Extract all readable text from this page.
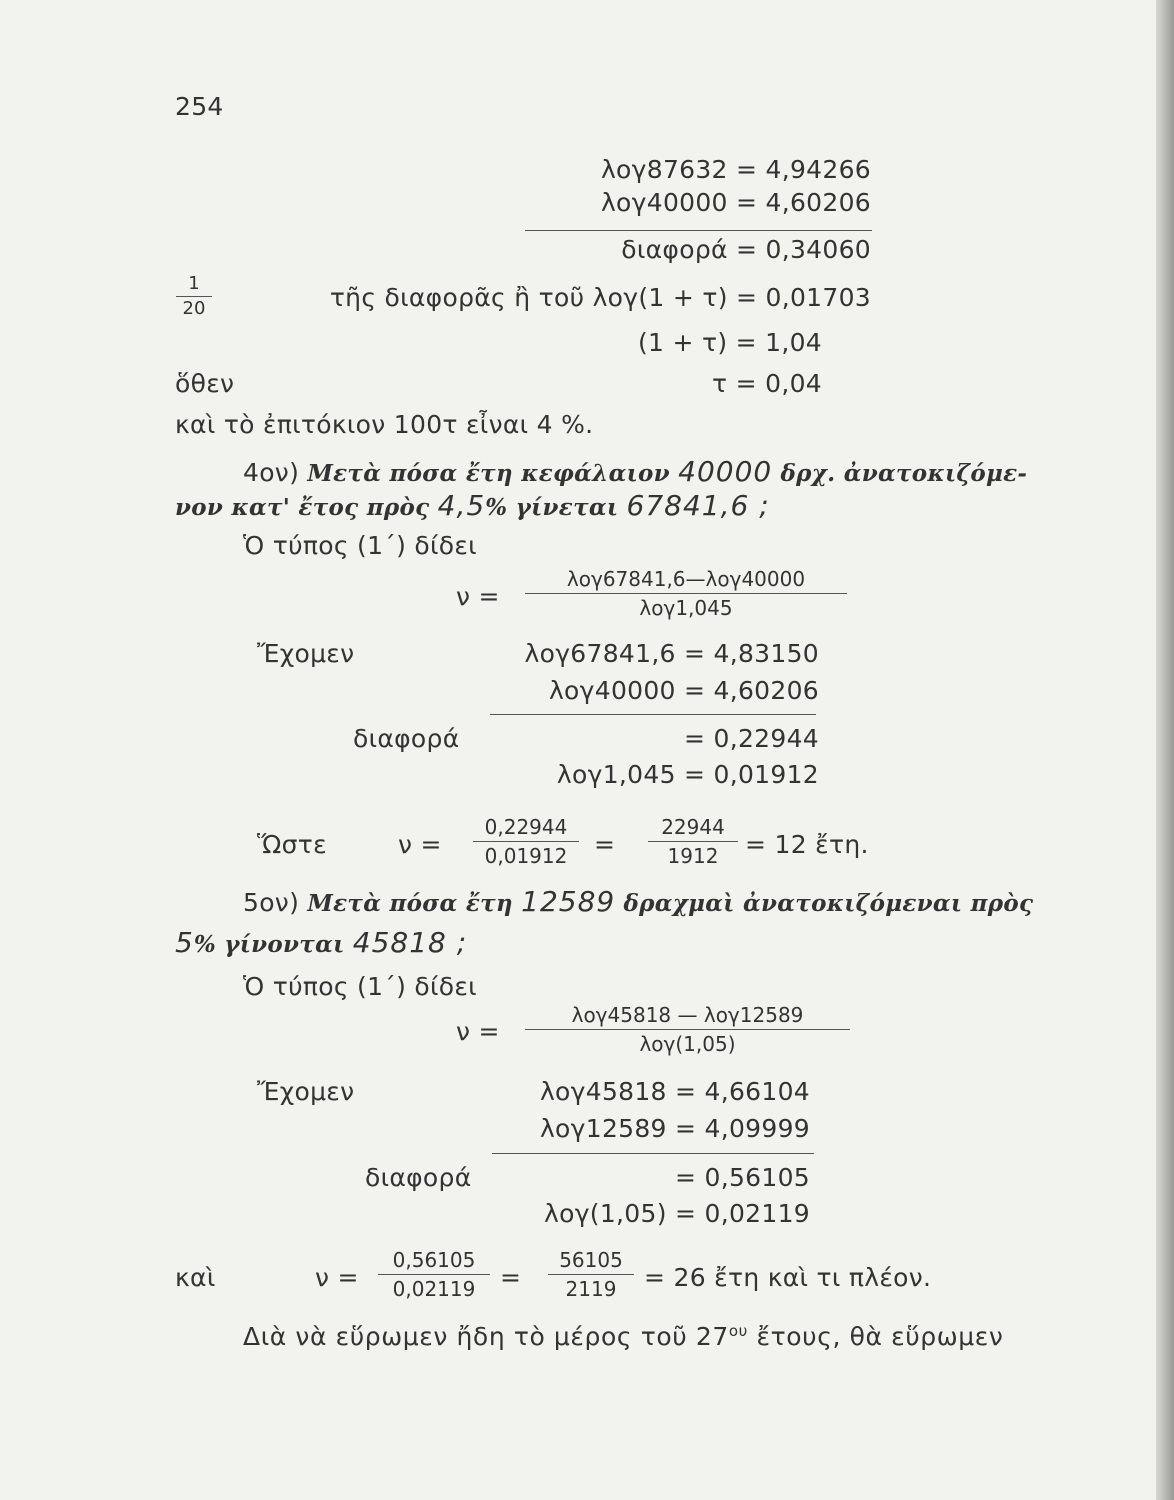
254
λογ87632 = 4,94266
λογ40000 = 4,60206
διαφορά = 0,34060
$\frac{1}{20}$	τῆς διαφορᾶς ἢ τοῦ λογ(1 + τ) = 0,01703
(1 + τ) = 1,04
ὅθεν	τ = 0,04
καὶ τὸ ἐπιτόκιον 100τ εἶναι 4 %.
4ον) Μετὰ πόσα ἔτη κεφάλαιον 40000 δρχ. ἀνατοκιζόμε-
νον κατ' ἔτος πρὸς 4,5% γίνεται 67841,6 ;
Ὁ τύπος (1΄) δίδει
ν =
λογ67841,6—λογ40000
λογ1,045
Ἔχομεν	λογ67841,6 = 4,83150
λογ40000 = 4,60206
διαφορά	= 0,22944
λογ1,045 = 0,01912
Ὥστε	$\nu = \frac{0,22944}{0,01912} = \frac{22944}{1912} = 12$ ἔτη.
5ον) Μετὰ πόσα ἔτη 12589 δραχμαὶ ἀνατοκιζόμεναι πρὸς
5% γίνονται 45818 ;
Ὁ τύπος (1΄) δίδει
ν =
λογ45818 — λογ12589
λογ(1,05)
Ἔχομεν	λογ45818 = 4,66104
λογ12589 = 4,09999
διαφορά	= 0,56105
λογ(1,05) = 0,02119
καὶ	$\nu = \frac{0,56105}{0,02119} = \frac{56105}{2119} = 26$ ἔτη καὶ τι πλέον.
Διὰ νὰ εὕρωμεν ἤδη τὸ μέρος τοῦ $27^{o\upsilon}$ ἔτους, θὰ εὕρωμεν
